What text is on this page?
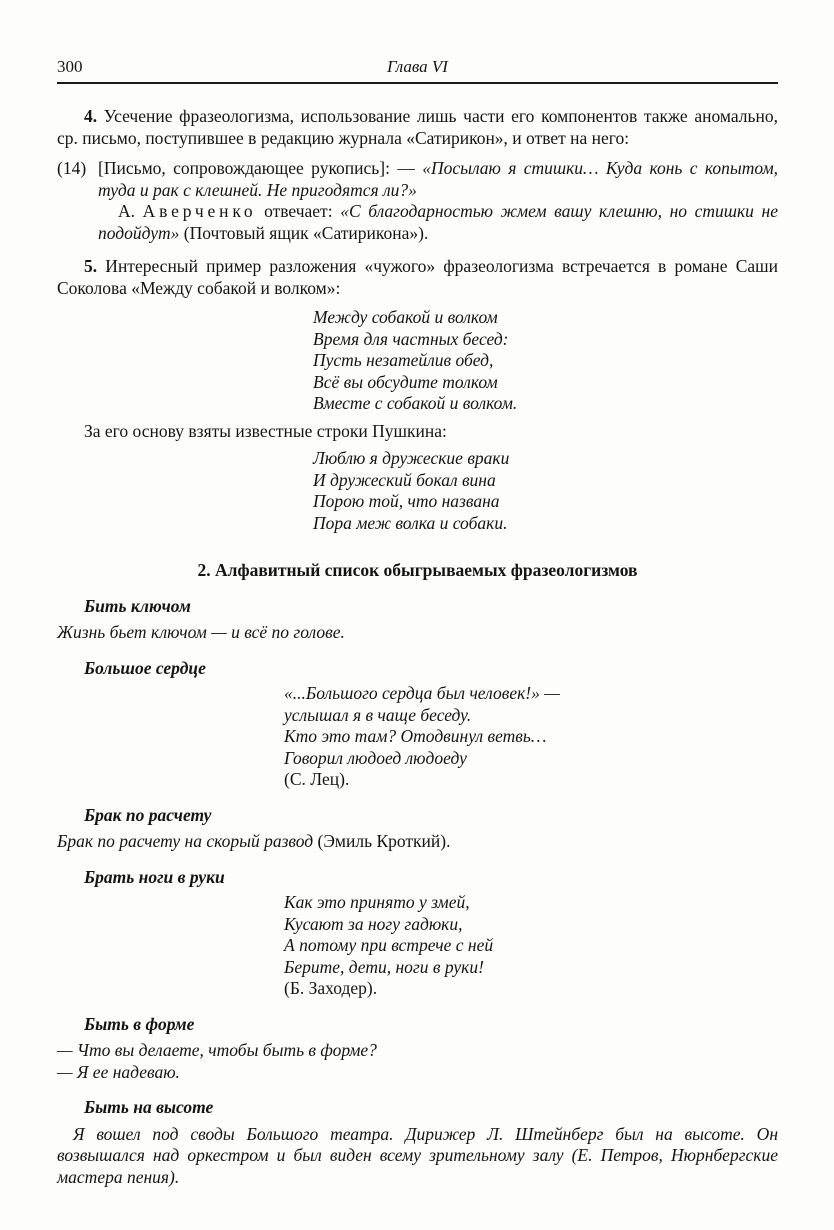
300	Глава VI

4. Усечение фразеологизма, использование лишь части его компонентов также аномально, ср. письмо, поступившее в редакцию журнала «Сатирикон», и ответ на него:

(14) [Письмо, сопровождающее рукопись]: — «Посылаю я стишки… Куда конь с копытом, туда и рак с клешней. Не пригодятся ли?»

А. Аверченко отвечает: «С благодарностью жмем вашу клешню, но стишки не подойдут» (Почтовый ящик «Сатирикона»).

5. Интересный пример разложения «чужого» фразеологизма встречается в романе Саши Соколова «Между собакой и волком»:

Между собакой и волком
Время для частных бесед:
Пусть незатейлив обед,
Всё вы обсудите толком
Вместе с собакой и волком.

За его основу взяты известные строки Пушкина:

Люблю я дружеские враки
И дружеский бокал вина
Порою той, что названа
Пора меж волка и собаки.
2. Алфавитный список обыгрываемых фразеологизмов
Бить ключом
Жизнь бьет ключом — и всё по голове.
Большое сердце
«...Большого сердца был человек!» —
услышал я в чаще беседу.
Кто это там? Отодвинул ветвь…
Говорил людоед людоеду
(С. Лец).
Брак по расчету
Брак по расчету на скорый развод (Эмиль Кроткий).
Брать ноги в руки
Как это принято у змей,
Кусают за ногу гадюки,
А потому при встрече с ней
Берите, дети, ноги в руки!
(Б. Заходер).
Быть в форме
— Что вы делаете, чтобы быть в форме?
— Я ее надеваю.
Быть на высоте
Я вошел под своды Большого театра. Дирижер Л. Штейнберг был на высоте. Он возвышался над оркестром и был виден всему зрительному залу (Е. Петров, Нюрнбергские мастера пения).
